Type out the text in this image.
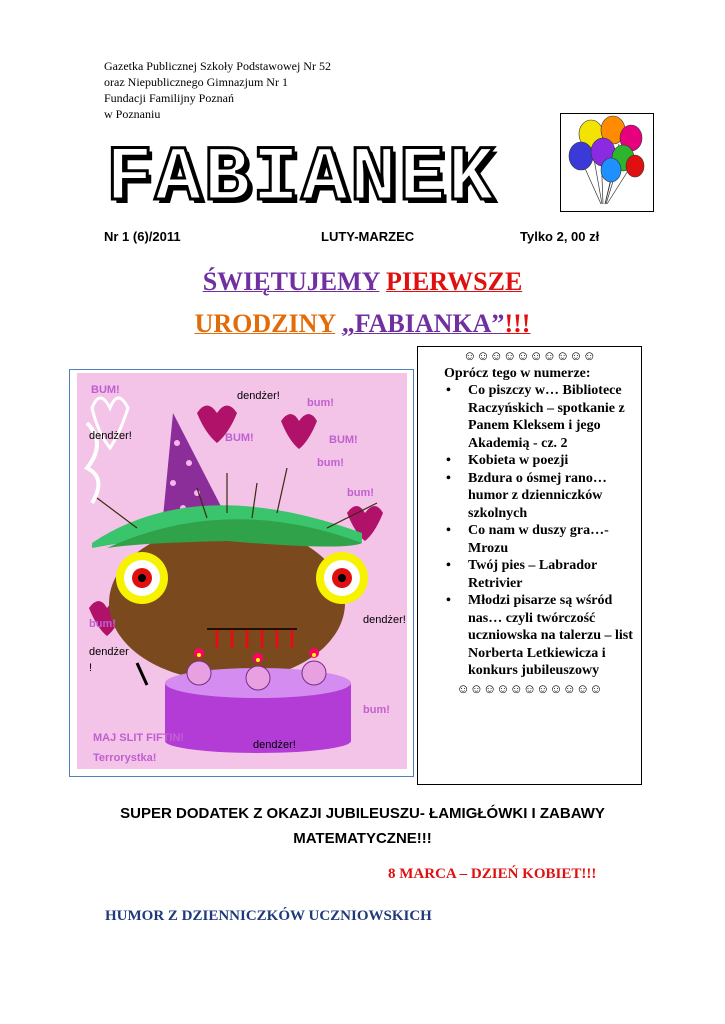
Gazetka Publicznej Szkoły Podstawowej Nr 52
oraz Niepublicznego Gimnazjum Nr 1
Fundacji Familijny Poznań
w Poznaniu
FABIANEK
Nr 1 (6)/2011	LUTY-MARZEC	Tylko 2, 00 zł
ŚWIĘTUJEMY PIERWSZE
URODZINY „FABIANKA”!!!
BUM!
bum!
BUM!	BUM!
bum!
bum!
bum!
bum!
MAJ SLIT FIFTIN!
Terrorystka!
dendżer!
dendżer!
dendżer!
dendżer
!
dendżer!
☺☺☺☺☺☺☺☺☺☺
Oprócz tego w numerze:
• Co piszczy w… Bibliotece Raczyńskich – spotkanie z Panem Kleksem i jego Akademią - cz. 2
• Kobieta w poezji
• Bzdura o ósmej rano… humor z dzienniczków szkolnych
• Co nam w duszy gra…-Mrozu
• Twój pies – Labrador Retrivier
• Młodzi pisarze są wśród nas… czyli twórczość uczniowska na talerzu – list Norberta Letkiewicza i konkurs jubileuszowy
☺☺☺☺☺☺☺☺☺☺☺
SUPER DODATEK Z OKAZJI JUBILEUSZU- ŁAMIGŁÓWKI I ZABAWY
MATEMATYCZNE!!!
8 MARCA – DZIEŃ KOBIET!!!
HUMOR Z DZIENNICZKÓW UCZNIOWSKICH
